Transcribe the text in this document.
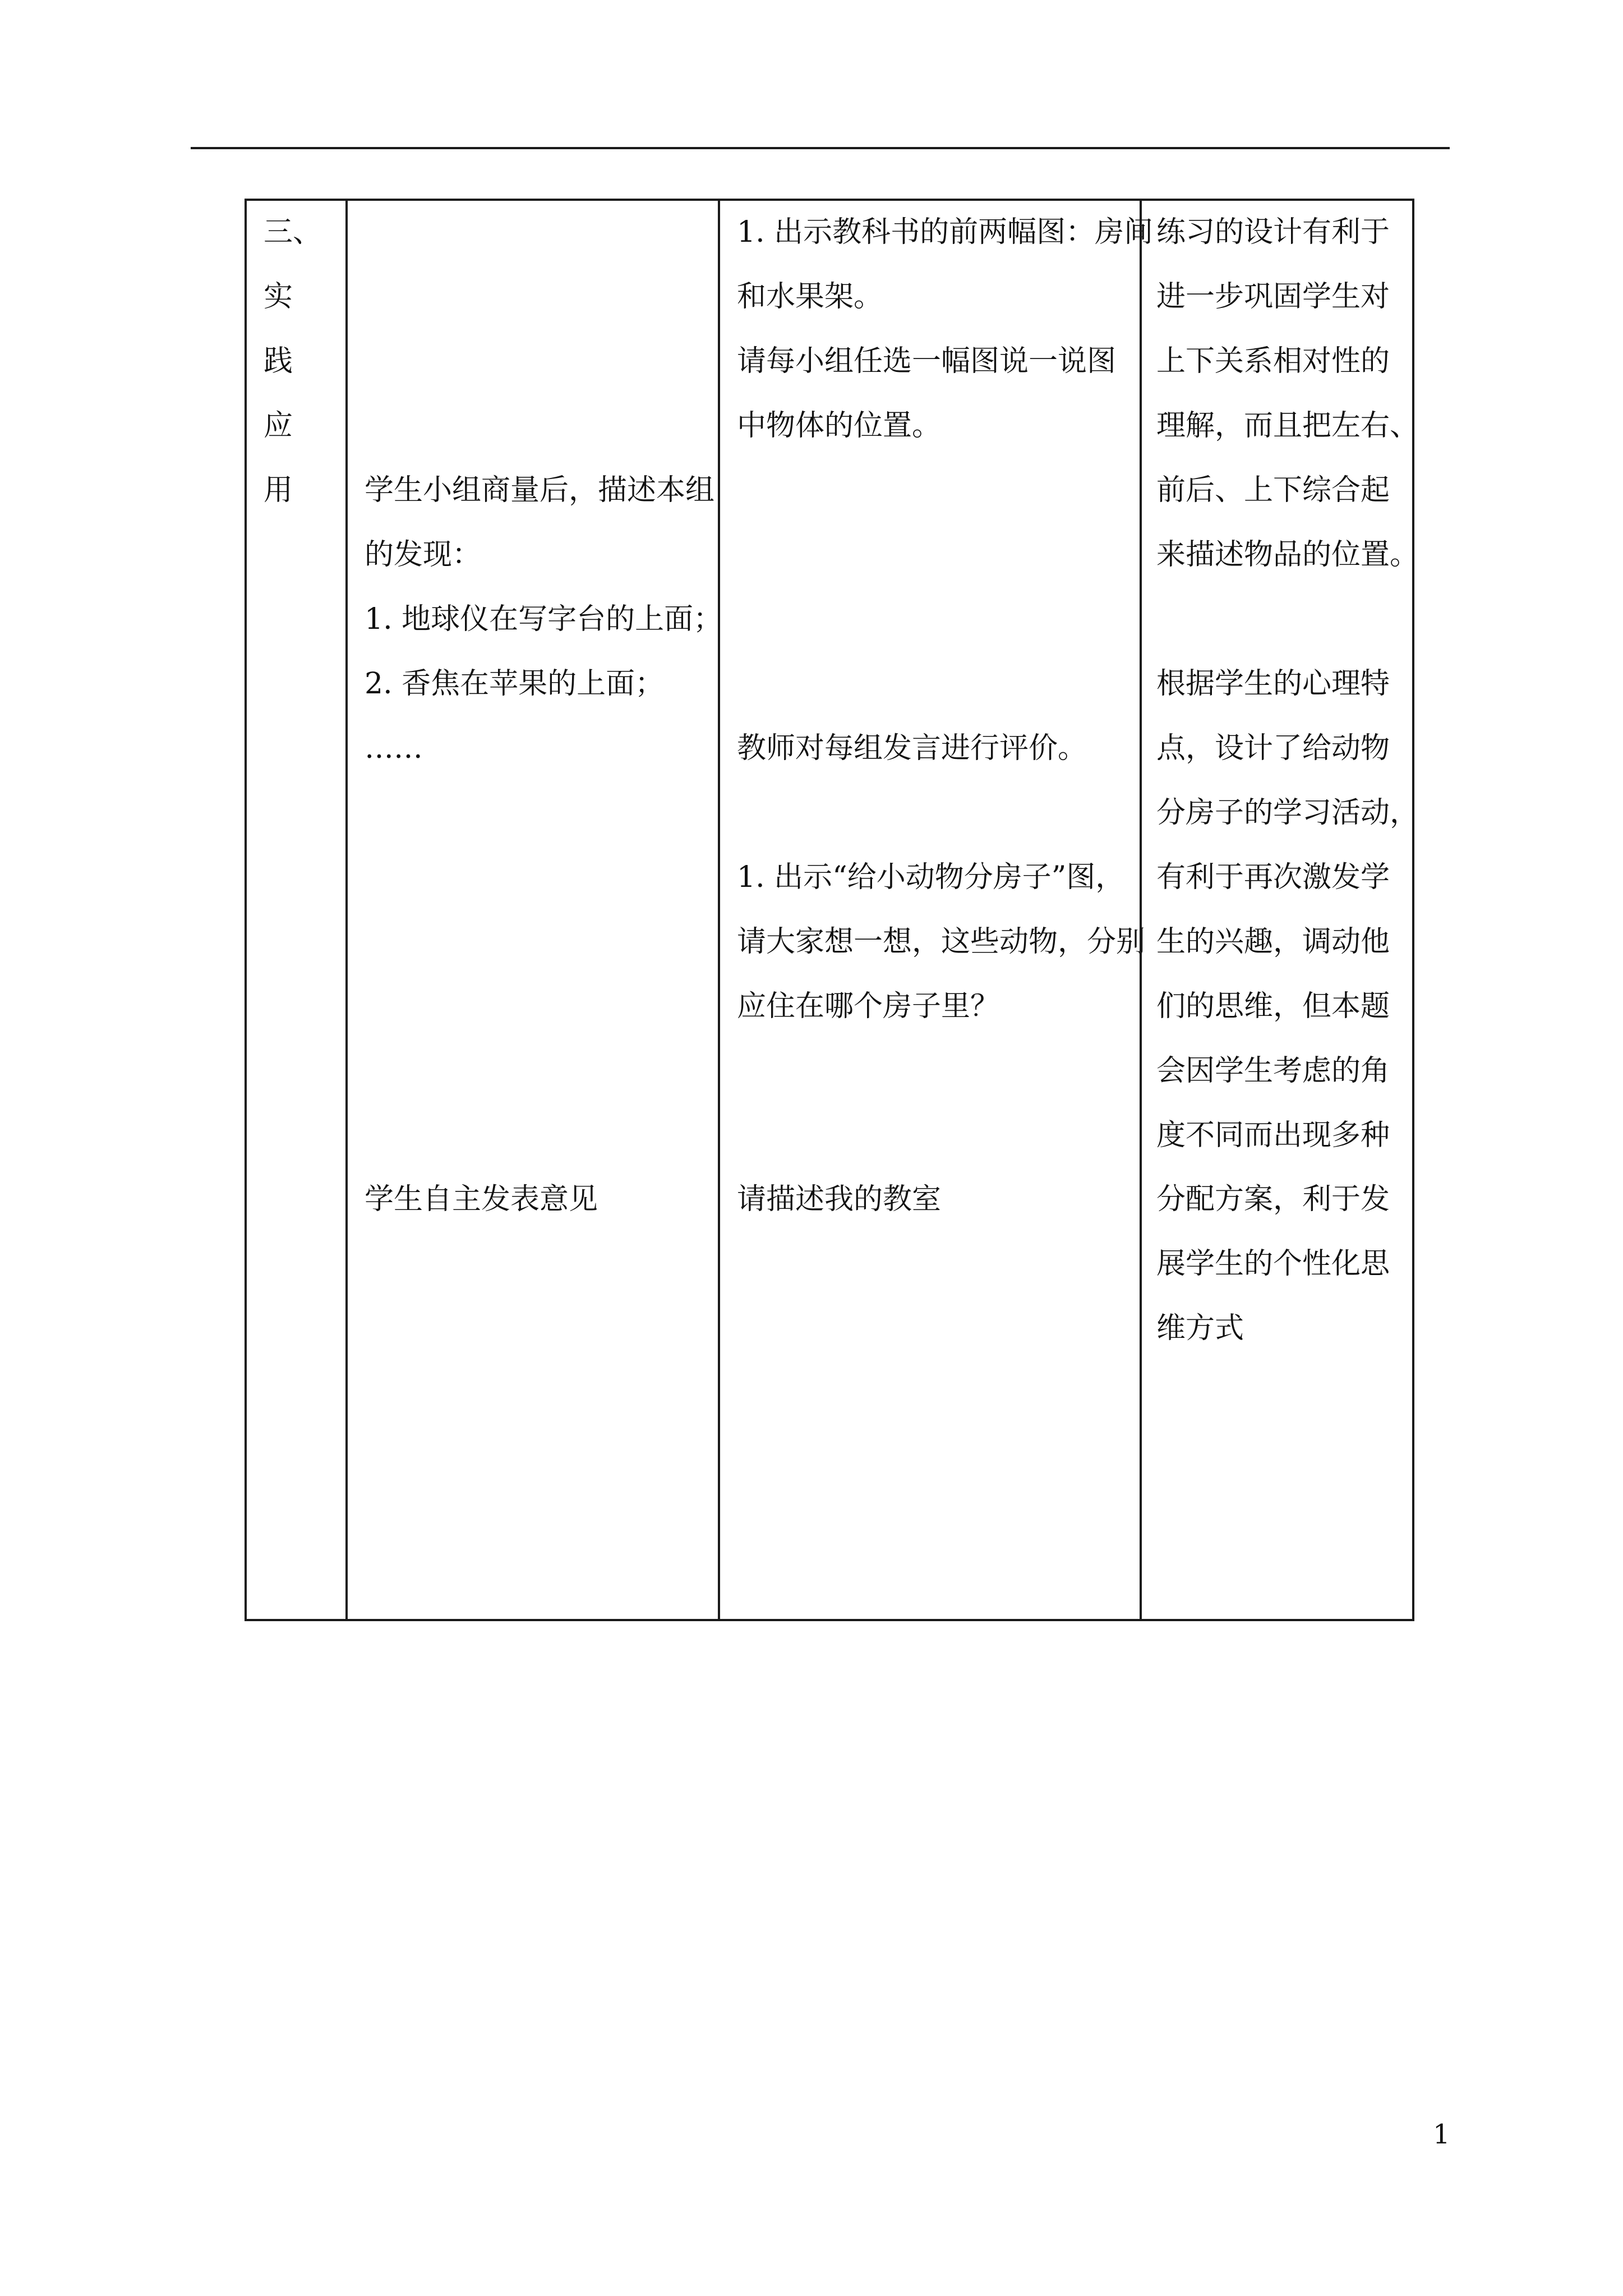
三、
实
践
应
用 学生小组商量后，描述本组
的发现：
1. 地球仪在写字台的上面；
2. 香焦在苹果的上面；
……
学生自主发表意见
1. 出示教科书的前两幅图：房间
和水果架。
请每小组任选一幅图说一说图
中物体的位置。
教师对每组发言进行评价。
1. 出示“给小动物分房子”图，
请大家想一想，这些动物，分别
应住在哪个房子里？
请描述我的教室
练习的设计有利于
进一步巩固学生对
上下关系相对性的
理解，而且把左右、
前后、上下综合起
来描述物品的位置。
根据学生的心理特
点，设计了给动物
分房子的学习活动，
有利于再次激发学
生的兴趣，调动他
们的思维，但本题
会因学生考虑的角
度不同而出现多种
分配方案，利于发
展学生的个性化思
维方式
1
